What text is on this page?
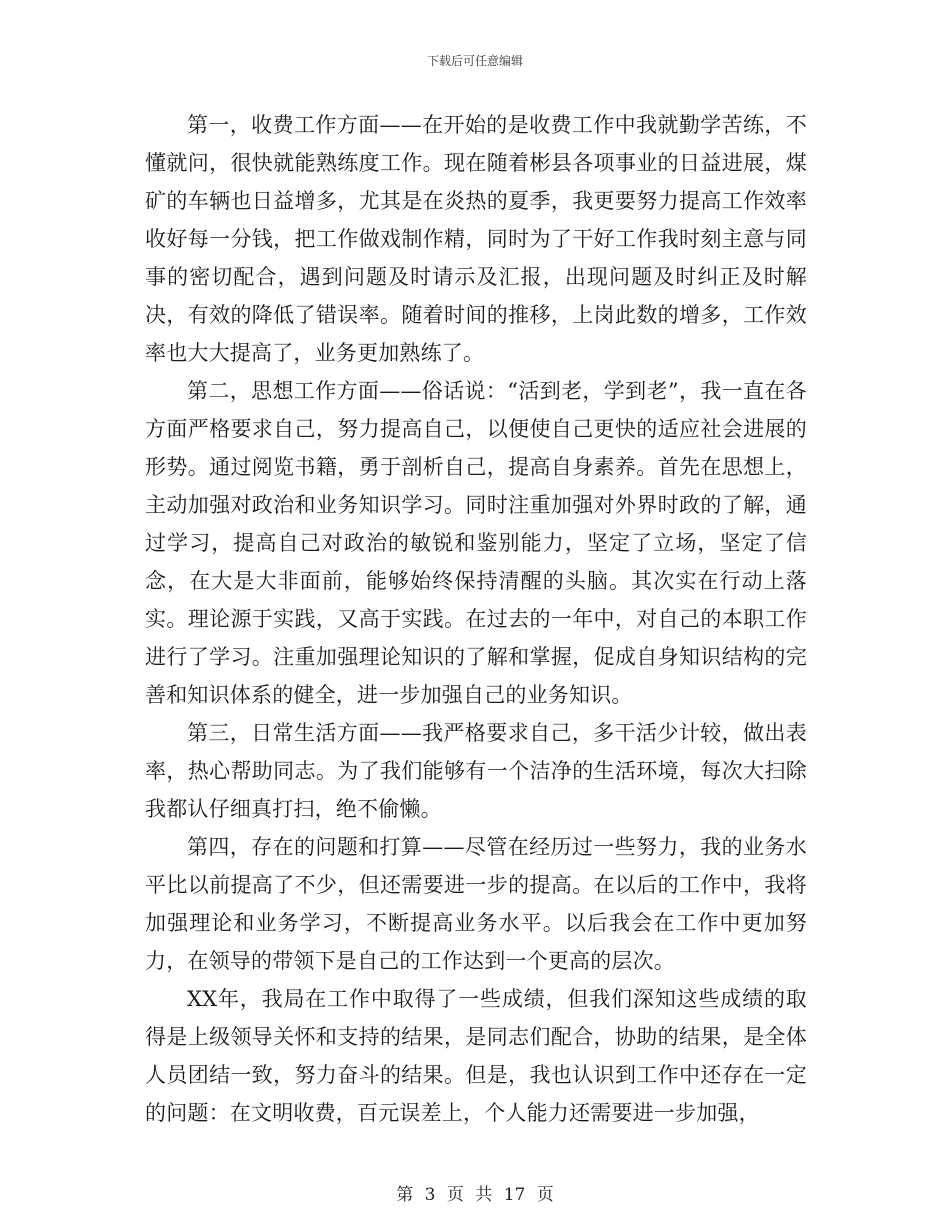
下载后可任意编辑

第一，收费工作方面——在开始的是收费工作中我就勤学苦练，不懂就问，很快就能熟练度工作。现在随着彬县各项事业的日益进展，煤矿的车辆也日益增多，尤其是在炎热的夏季，我更要努力提高工作效率收好每一分钱，把工作做戏制作精，同时为了干好工作我时刻主意与同事的密切配合，遇到问题及时请示及汇报，出现问题及时纠正及时解决，有效的降低了错误率。随着时间的推移，上岗此数的增多，工作效率也大大提高了，业务更加熟练了。

第二，思想工作方面——俗话说：“活到老，学到老”，我一直在各方面严格要求自己，努力提高自己，以便使自己更快的适应社会进展的形势。通过阅览书籍，勇于剖析自己，提高自身素养。首先在思想上，主动加强对政治和业务知识学习。同时注重加强对外界时政的了解，通过学习，提高自己对政治的敏锐和鉴别能力，坚定了立场，坚定了信念，在大是大非面前，能够始终保持清醒的头脑。其次实在行动上落实。理论源于实践，又高于实践。在过去的一年中，对自己的本职工作进行了学习。注重加强理论知识的了解和掌握，促成自身知识结构的完善和知识体系的健全，进一步加强自己的业务知识。

第三，日常生活方面——我严格要求自己，多干活少计较，做出表率，热心帮助同志。为了我们能够有一个洁净的生活环境，每次大扫除我都认仔细真打扫，绝不偷懒。

第四，存在的问题和打算——尽管在经历过一些努力，我的业务水平比以前提高了不少，但还需要进一步的提高。在以后的工作中，我将加强理论和业务学习，不断提高业务水平。以后我会在工作中更加努力，在领导的带领下是自己的工作达到一个更高的层次。

XX年，我局在工作中取得了一些成绩，但我们深知这些成绩的取得是上级领导关怀和支持的结果，是同志们配合，协助的结果，是全体人员团结一致，努力奋斗的结果。但是，我也认识到工作中还存在一定的问题：在文明收费，百元误差上，个人能力还需要进一步加强，

第 3 页 共 17 页
